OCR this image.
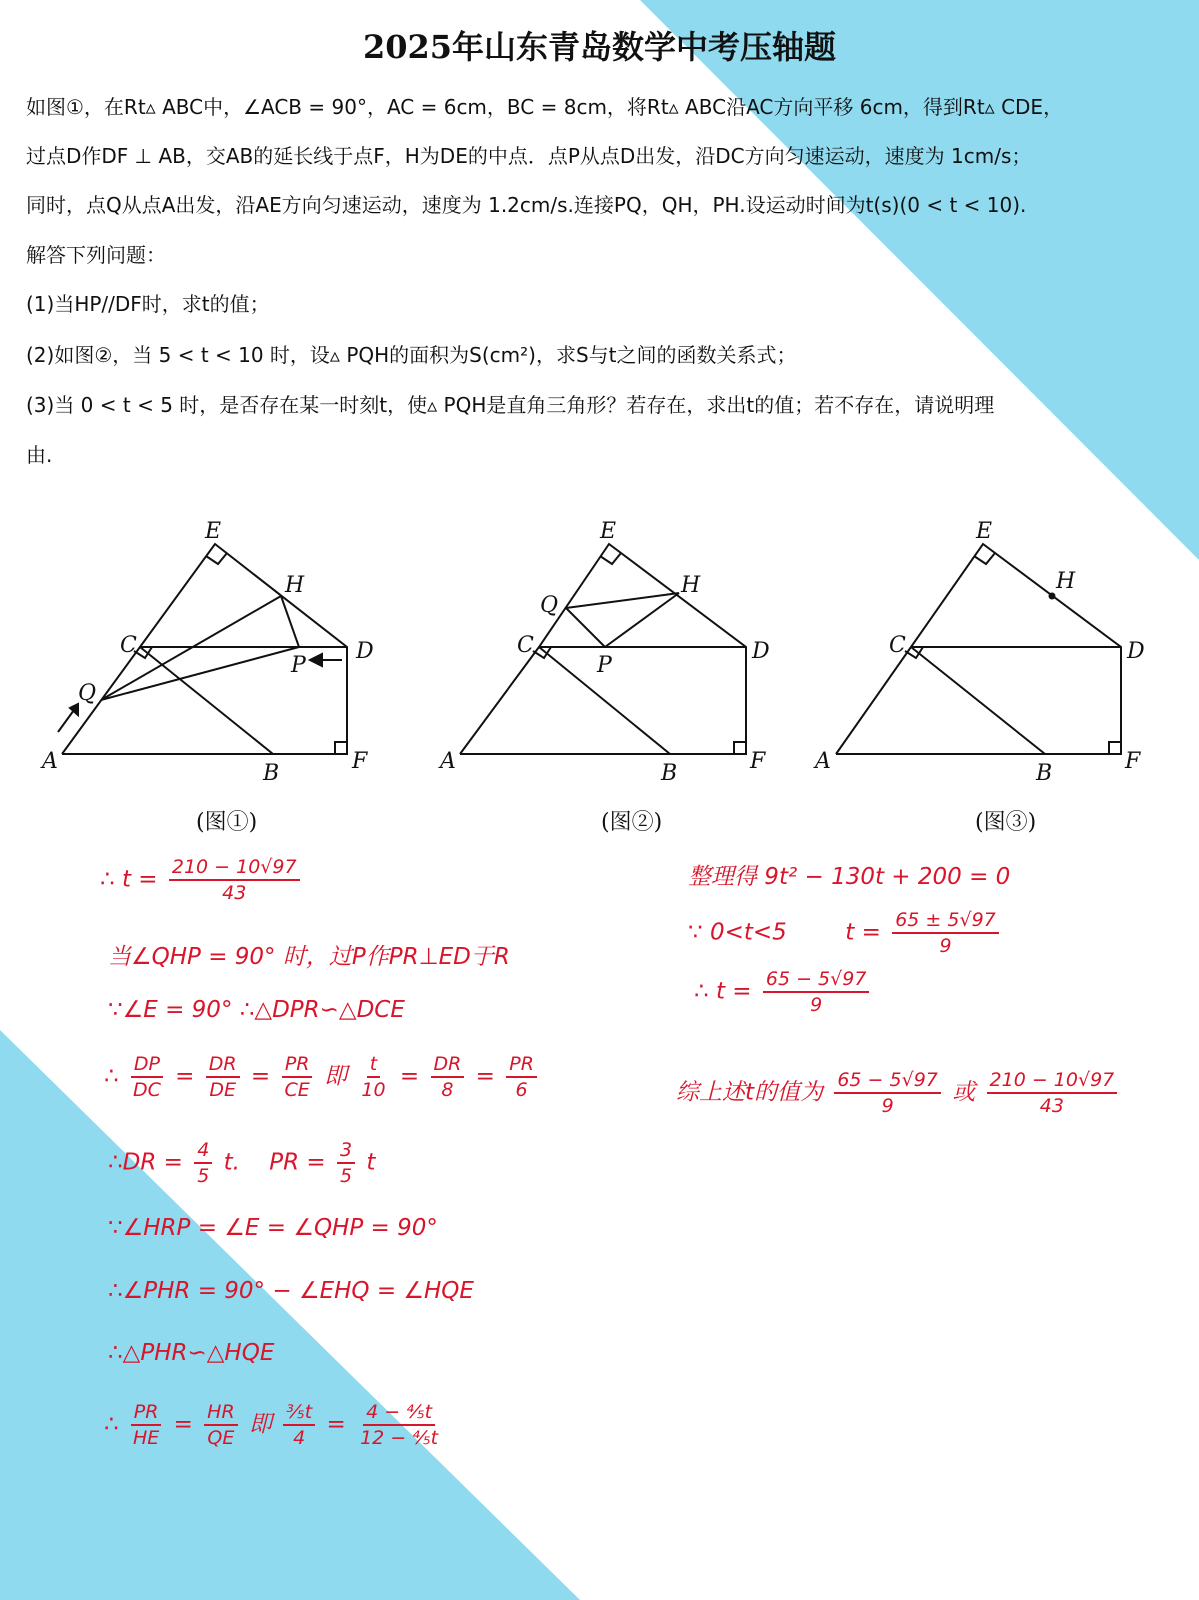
2025年山东青岛数学中考压轴题
如图①，在Rt▵ ABC中，∠ACB = 90°，AC = 6cm，BC = 8cm，将Rt▵ ABC沿AC方向平移 6cm，得到Rt▵ CDE，
过点D作DF ⊥ AB，交AB的延长线于点F，H为DE的中点．点P从点D出发，沿DC方向匀速运动，速度为 1cm/s；
同时，点Q从点A出发，沿AE方向匀速运动，速度为 1.2cm/s.连接PQ，QH，PH.设运动时间为t(s)(0 < t < 10).
解答下列问题：
(1)当HP//DF时，求t的值；
(2)如图②，当 5 < t < 10 时，设▵ PQH的面积为S(cm²)，求S与t之间的函数关系式；
(3)当 0 < t < 5 时，是否存在某一时刻t，使▵ PQH是直角三角形？若存在，求出t的值；若不存在，请说明理
由.
E
H
C	D
P
Q
A	B	F
E
H
Q
C
P
D
A	B	F
E
H
C	D
A	B	F
(图①)	(图②)	(图③)
∴ $t = \frac{210 - 10√97}{43}$
当∠QHP = 90° 时，过P作PR⊥ED于R
∵∠E = 90° ∴△DPR∽△DCE
∴ $\frac{DP}{DC} = \frac{DR}{DE} = \frac{PR}{CE}$ 即 $\frac{t}{10} = \frac{DR}{8} = \frac{PR}{6}$
∴DR = $\frac{4}{5} t$. PR = $\frac{3}{5}$ t
∵∠HRP = ∠E = ∠QHP = 90°
∴∠PHR = 90° − ∠EHQ = ∠HQE
∴△PHR∽△HQE
∴ $\frac{PR}{HE} = \frac{HR}{QE}$ 即 $\frac{\text{⅗t}}{4} = \frac{\text{4 − ⅘t}}{\text{12 − ⅘t}}$
整理得 9t² − 130t + 200 = 0
∵ 0<t<5	$t = \frac{65 \pm 5√97}{9}$
∴ $t = \frac{65 - 5√97}{9}$
综上述t的值为 $\frac{65 - 5√97}{9}$ 或 $\frac{210 - 10√97}{43}$
